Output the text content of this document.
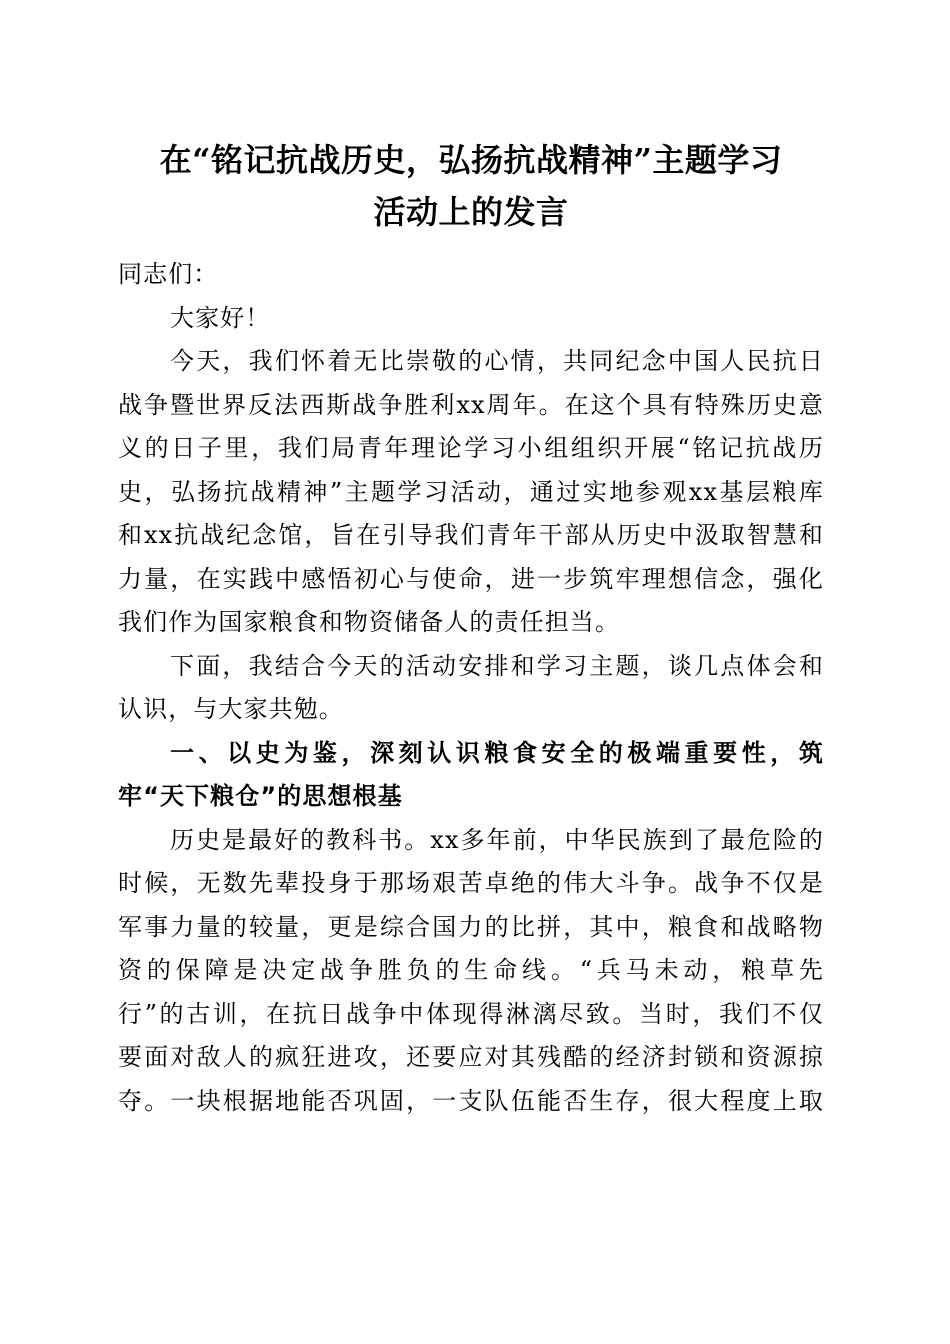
在“铭记抗战历史，弘扬抗战精神”主题学习
活动上的发言
同志们：
大家好！
今天，我们怀着无比崇敬的心情，共同纪念中国人民抗日
战争暨世界反法西斯战争胜利xx周年。在这个具有特殊历史意
义的日子里，我们局青年理论学习小组组织开展“铭记抗战历
史，弘扬抗战精神”主题学习活动，通过实地参观xx基层粮库
和xx抗战纪念馆，旨在引导我们青年干部从历史中汲取智慧和
力量，在实践中感悟初心与使命，进一步筑牢理想信念，强化
我们作为国家粮食和物资储备人的责任担当。
下面，我结合今天的活动安排和学习主题，谈几点体会和
认识，与大家共勉。
一、以史为鉴，深刻认识粮食安全的极端重要性，筑
牢“天下粮仓”的思想根基
历史是最好的教科书。xx多年前，中华民族到了最危险的
时候，无数先辈投身于那场艰苦卓绝的伟大斗争。战争不仅是
军事力量的较量，更是综合国力的比拼，其中，粮食和战略物
资的保障是决定战争胜负的生命线。“兵马未动，粮草先
行”的古训，在抗日战争中体现得淋漓尽致。当时，我们不仅
要面对敌人的疯狂进攻，还要应对其残酷的经济封锁和资源掠
夺。一块根据地能否巩固，一支队伍能否生存，很大程度上取
